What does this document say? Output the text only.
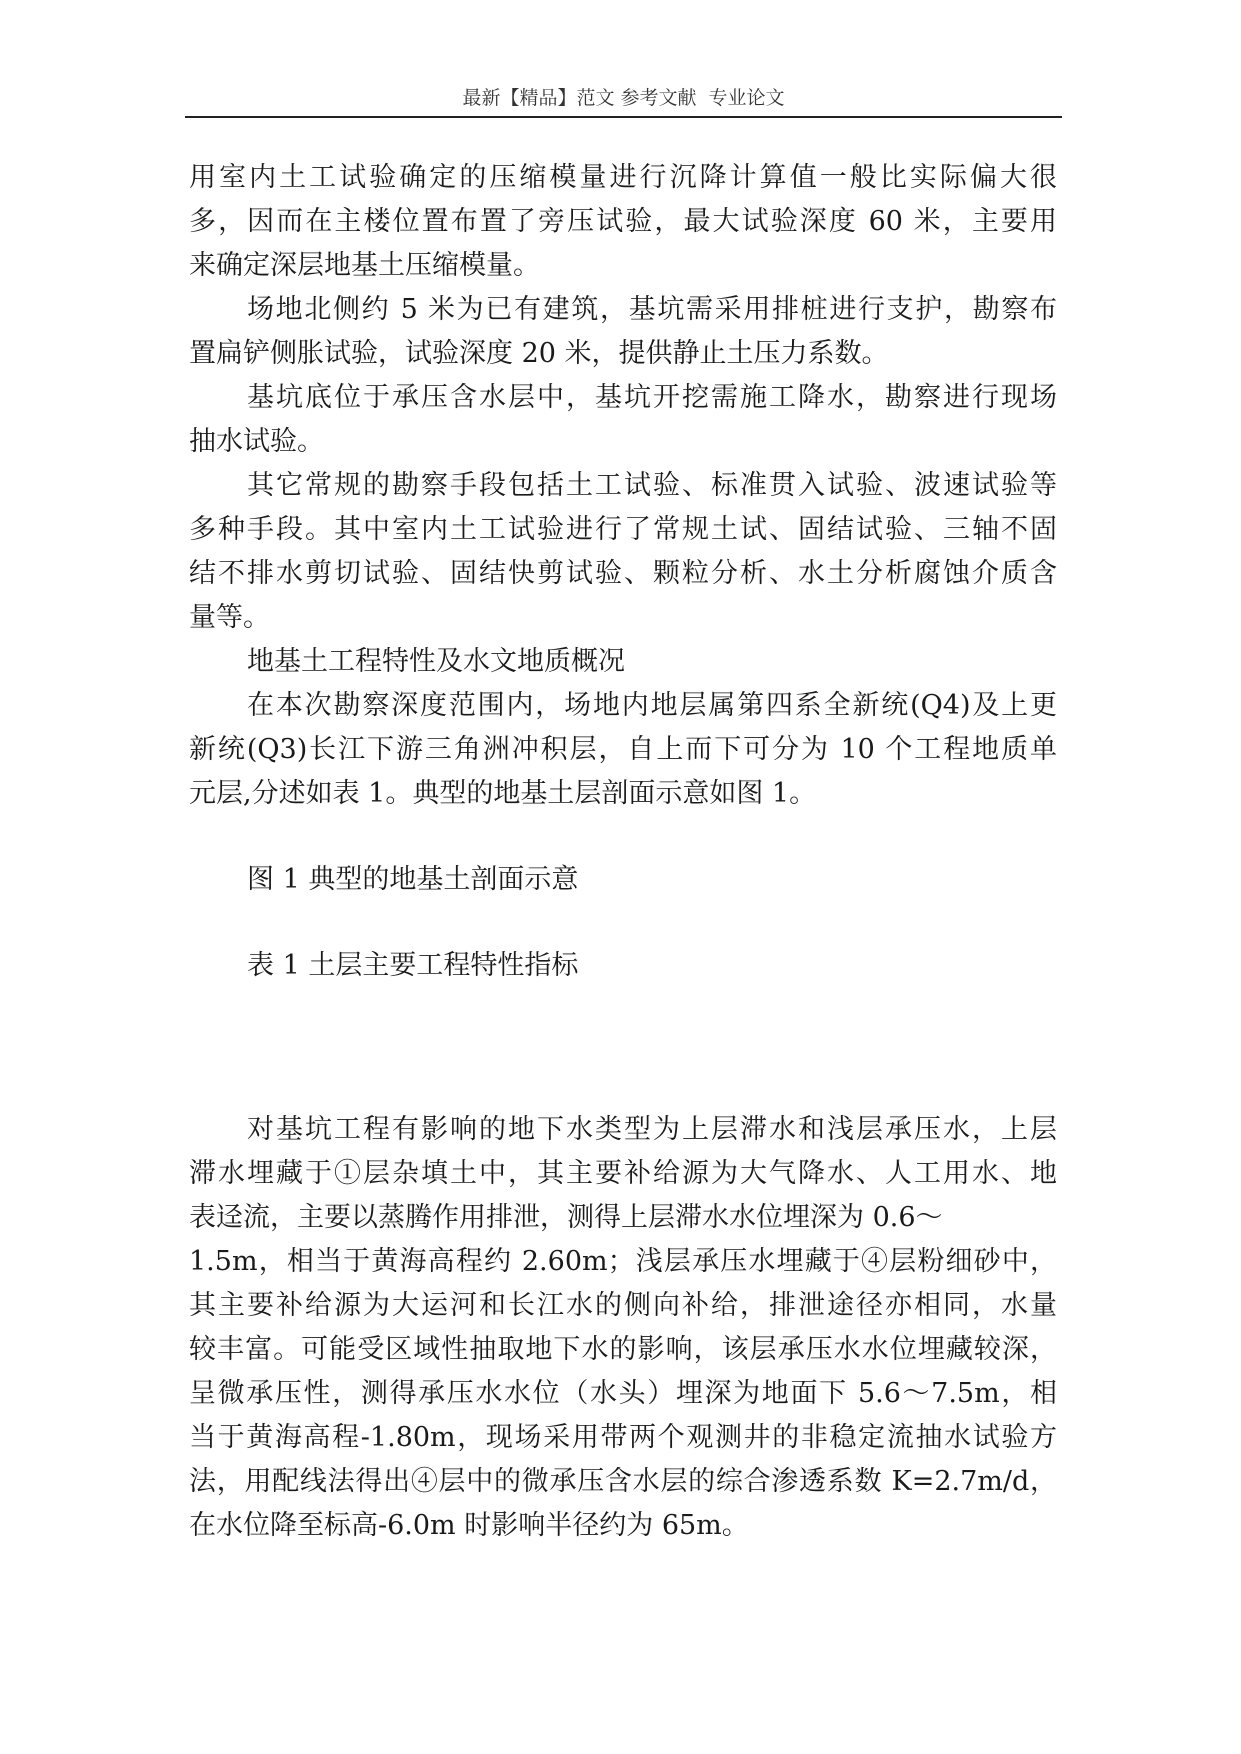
最新【精品】范文 参考文献  专业论文
用室内土工试验确定的压缩模量进行沉降计算值一般比实际偏大很
多，因而在主楼位置布置了旁压试验，最大试验深度 60 米，主要用
来确定深层地基土压缩模量。
场地北侧约 5 米为已有建筑，基坑需采用排桩进行支护，勘察布
置扁铲侧胀试验，试验深度 20 米，提供静止土压力系数。
基坑底位于承压含水层中，基坑开挖需施工降水，勘察进行现场
抽水试验。
其它常规的勘察手段包括土工试验、标准贯入试验、波速试验等
多种手段。其中室内土工试验进行了常规土试、固结试验、三轴不固
结不排水剪切试验、固结快剪试验、颗粒分析、水土分析腐蚀介质含
量等。
地基土工程特性及水文地质概况
在本次勘察深度范围内，场地内地层属第四系全新统(Q4)及上更
新统(Q3)长江下游三角洲冲积层，自上而下可分为 10 个工程地质单
元层,分述如表 1。典型的地基土层剖面示意如图 1。
图 1 典型的地基土剖面示意
表 1 土层主要工程特性指标
对基坑工程有影响的地下水类型为上层滞水和浅层承压水，上层
滞水埋藏于①层杂填土中，其主要补给源为大气降水、人工用水、地
表迳流，主要以蒸腾作用排泄，测得上层滞水水位埋深为 0.6～
1.5m，相当于黄海高程约 2.60m；浅层承压水埋藏于④层粉细砂中，
其主要补给源为大运河和长江水的侧向补给，排泄途径亦相同，水量
较丰富。可能受区域性抽取地下水的影响，该层承压水水位埋藏较深，
呈微承压性，测得承压水水位（水头）埋深为地面下 5.6～7.5m，相
当于黄海高程-1.80m，现场采用带两个观测井的非稳定流抽水试验方
法，用配线法得出④层中的微承压含水层的综合渗透系数 K=2.7m/d，
在水位降至标高-6.0m 时影响半径约为 65m。
